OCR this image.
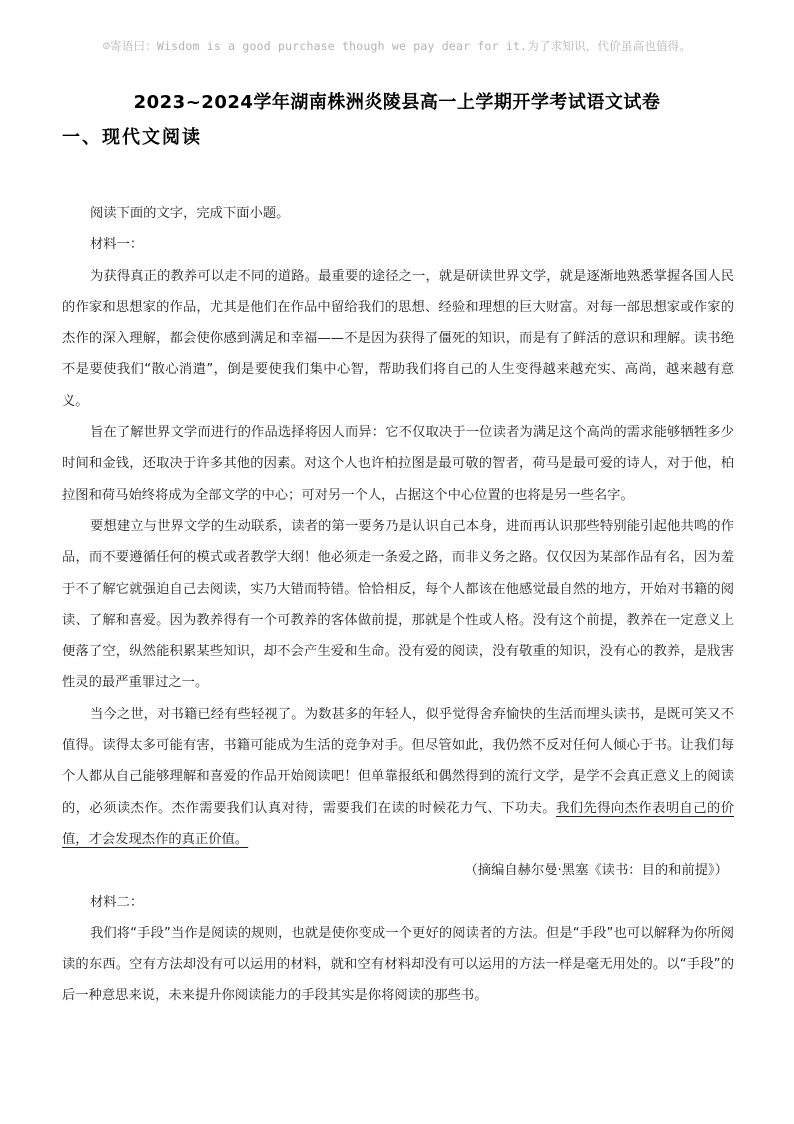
☺寄语曰：Wisdom is a good purchase though we pay dear for it.为了求知识，代价虽高也值得。
2023~2024学年湖南株洲炎陵县高一上学期开学考试语文试卷
一、现代文阅读

阅读下面的文字，完成下面小题。

材料一：

为获得真正的教养可以走不同的道路。最重要的途径之一，就是研读世界文学，就是逐渐地熟悉掌握各国人民的作家和思想家的作品，尤其是他们在作品中留给我们的思想、经验和理想的巨大财富。对每一部思想家或作家的杰作的深入理解，都会使你感到满足和幸福——不是因为获得了僵死的知识，而是有了鲜活的意识和理解。读书绝不是要使我们“散心消遣”，倒是要使我们集中心智，帮助我们将自己的人生变得越来越充实、高尚，越来越有意义。

旨在了解世界文学而进行的作品选择将因人而异：它不仅取决于一位读者为满足这个高尚的需求能够牺牲多少时间和金钱，还取决于许多其他的因素。对这个人也许柏拉图是最可敬的智者，荷马是最可爱的诗人，对于他，柏拉图和荷马始终将成为全部文学的中心；可对另一个人，占据这个中心位置的也将是另一些名字。

要想建立与世界文学的生动联系，读者的第一要务乃是认识自己本身，进而再认识那些特别能引起他共鸣的作品，而不要遵循任何的模式或者教学大纲！他必须走一条爱之路，而非义务之路。仅仅因为某部作品有名，因为羞于不了解它就强迫自己去阅读，实乃大错而特错。恰恰相反，每个人都该在他感觉最自然的地方，开始对书籍的阅读、了解和喜爱。因为教养得有一个可教养的客体做前提，那就是个性或人格。没有这个前提，教养在一定意义上便落了空，纵然能积累某些知识，却不会产生爱和生命。没有爱的阅读，没有敬重的知识，没有心的教养，是戕害性灵的最严重罪过之一。

当今之世，对书籍已经有些轻视了。为数甚多的年轻人，似乎觉得舍弃愉快的生活而埋头读书，是既可笑又不值得。读得太多可能有害，书籍可能成为生活的竞争对手。但尽管如此，我仍然不反对任何人倾心于书。让我们每个人都从自己能够理解和喜爱的作品开始阅读吧！但单靠报纸和偶然得到的流行文学，是学不会真正意义上的阅读的，必须读杰作。杰作需要我们认真对待，需要我们在读的时候花力气、下功夫。我们先得向杰作表明自己的价值，才会发现杰作的真正价值。

（摘编自赫尔曼·黑塞《读书：目的和前提》）

材料二：

我们将“手段”当作是阅读的规则，也就是使你变成一个更好的阅读者的方法。但是“手段”也可以解释为你所阅读的东西。空有方法却没有可以运用的材料，就和空有材料却没有可以运用的方法一样是毫无用处的。以“手段”的后一种意思来说，未来提升你阅读能力的手段其实是你将阅读的那些书。
